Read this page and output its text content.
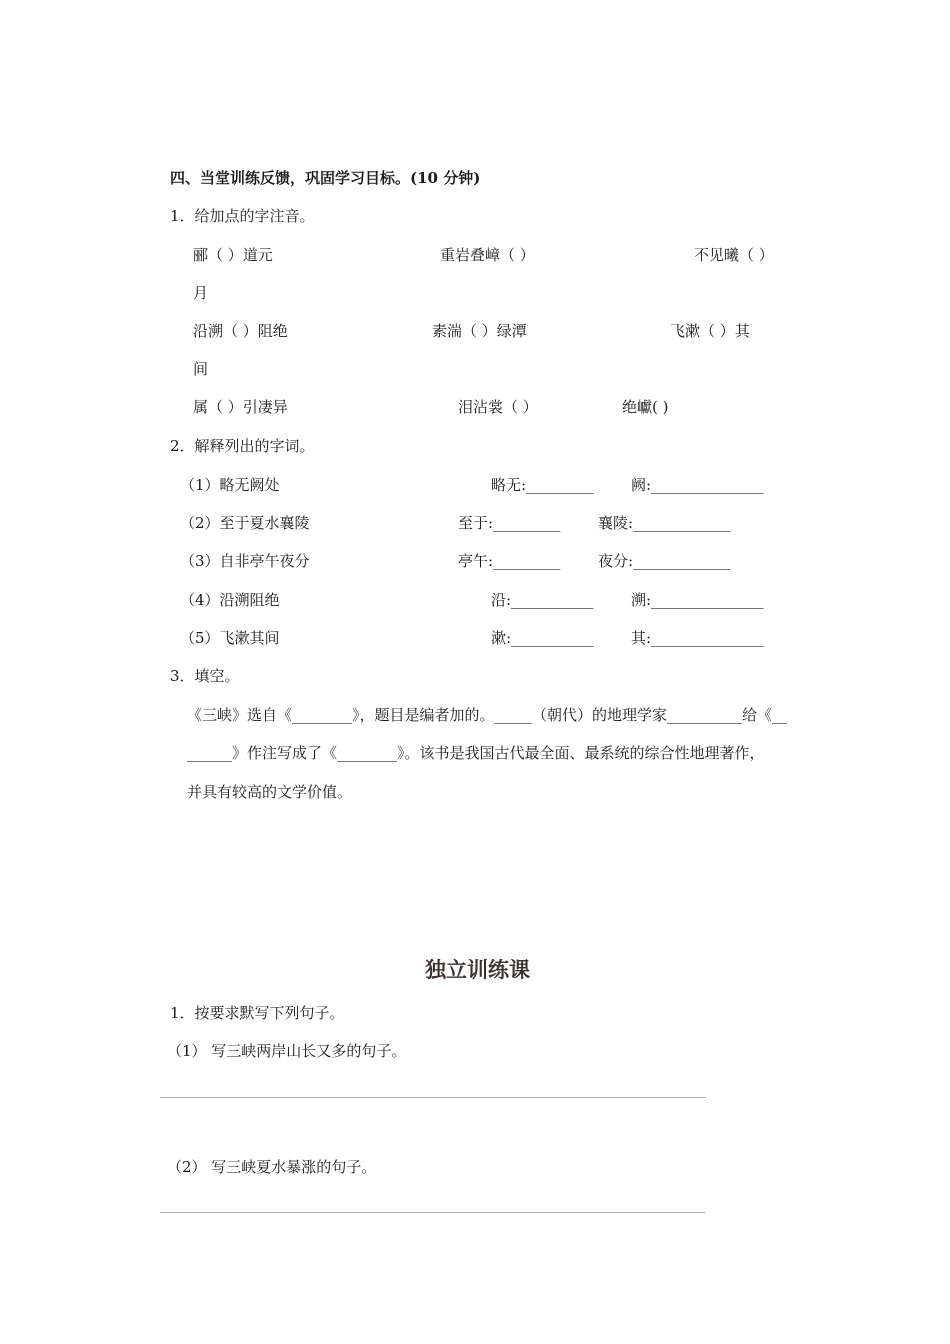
四、当堂训练反馈，巩固学习目标。(10 分钟)
1．给加点的字注音。
郦（ ）道元	重岩叠嶂（ ）	不见曦（ ）
月
沿溯（ ）阻绝	素湍（ ）绿潭	飞漱（ ）其
间
属（ ）引凄异	泪沾裳（ ）	绝巘( )
2．解释列出的字词。
（1）略无阙处	略无:_________ 阙:_______________
（2）至于夏水襄陵	至于:_________ 襄陵:_____________
（3）自非亭午夜分	亭午:_________ 夜分:_____________
（4）沿溯阻绝	沿:___________ 溯:_______________
（5）飞漱其间	漱:___________ 其:_______________
3．填空。
《三峡》选自《________》，题目是编者加的。_____（朝代）的地理学家__________给《__
______》作注写成了《________》。该书是我国古代最全面、最系统的综合性地理著作，
并具有较高的文学价值。
独立训练课
1．按要求默写下列句子。
（1） 写三峡两岸山长又多的句子。
（2） 写三峡夏水暴涨的句子。
